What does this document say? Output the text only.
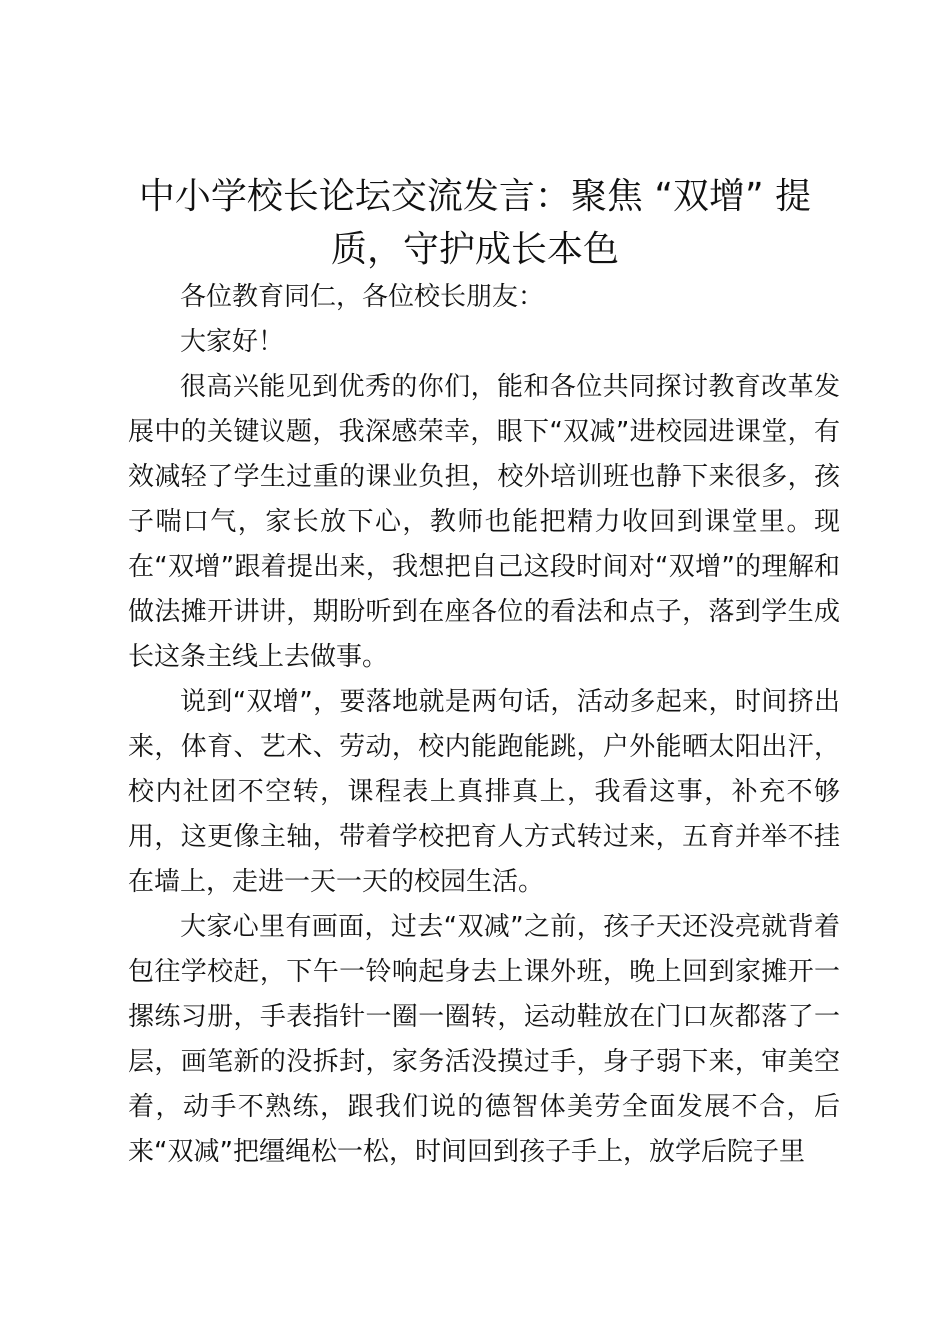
中小学校长论坛交流发言：聚焦 “双增” 提质，守护成长本色

各位教育同仁，各位校长朋友：

大家好！

很高兴能见到优秀的你们，能和各位共同探讨教育改革发展中的关键议题，我深感荣幸，眼下“双减”进校园进课堂，有效减轻了学生过重的课业负担，校外培训班也静下来很多，孩子喘口气，家长放下心，教师也能把精力收回到课堂里。现在“双增”跟着提出来，我想把自己这段时间对“双增”的理解和做法摊开讲讲，期盼听到在座各位的看法和点子，落到学生成长这条主线上去做事。

说到“双增”，要落地就是两句话，活动多起来，时间挤出来，体育、艺术、劳动，校内能跑能跳，户外能晒太阳出汗，校内社团不空转，课程表上真排真上，我看这事，补充不够用，这更像主轴，带着学校把育人方式转过来，五育并举不挂在墙上，走进一天一天的校园生活。

大家心里有画面，过去“双减”之前，孩子天还没亮就背着包往学校赶，下午一铃响起身去上课外班，晚上回到家摊开一摞练习册，手表指针一圈一圈转，运动鞋放在门口灰都落了一层，画笔新的没拆封，家务活没摸过手，身子弱下来，审美空着，动手不熟练，跟我们说的德智体美劳全面发展不合，后来“双减”把缰绳松一松，时间回到孩子手上，放学后院子里
